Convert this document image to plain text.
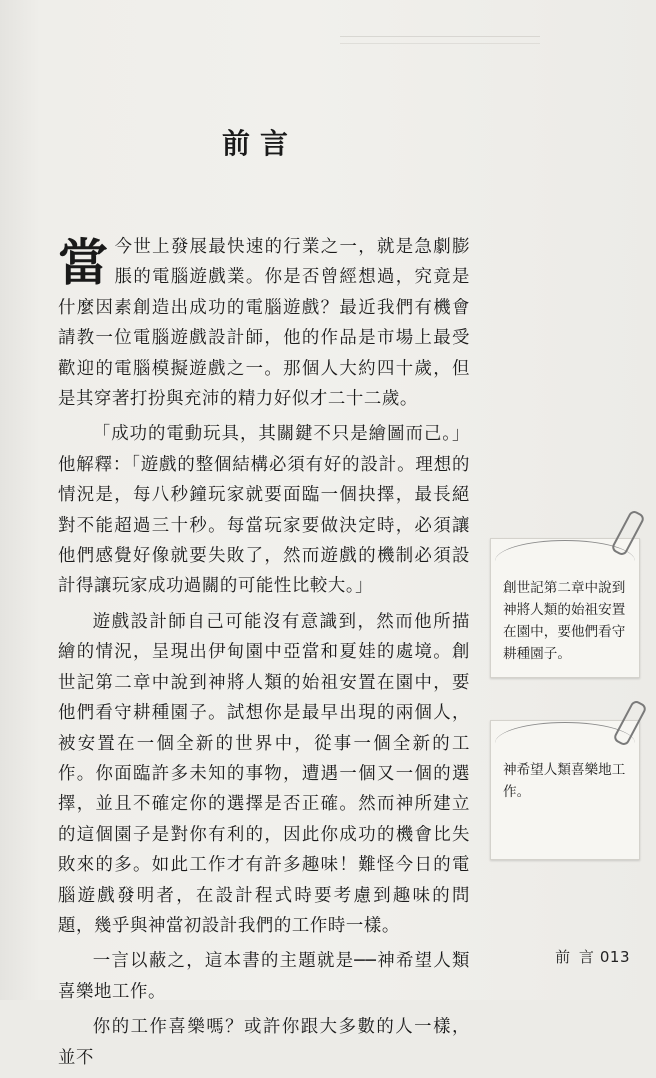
前言

當 今世上發展最快速的行業之一，就是急劇膨脹的電腦遊戲業。你是否曾經想過，究竟是什麼因素創造出成功的電腦遊戲？最近我們有機會請教一位電腦遊戲設計師，他的作品是市場上最受歡迎的電腦模擬遊戲之一。那個人大約四十歲，但是其穿著打扮與充沛的精力好似才二十二歲。

「成功的電動玩具，其關鍵不只是繪圖而己。」他解釋：「遊戲的整個結構必須有好的設計。理想的情況是，每八秒鐘玩家就要面臨一個抉擇，最長絕對不能超過三十秒。每當玩家要做決定時，必須讓他們感覺好像就要失敗了，然而遊戲的機制必須設計得讓玩家成功過關的可能性比較大。」

遊戲設計師自己可能沒有意識到，然而他所描繪的情況，呈現出伊甸園中亞當和夏娃的處境。創世記第二章中說到神將人類的始祖安置在園中，要他們看守耕種園子。試想你是最早出現的兩個人，被安置在一個全新的世界中，從事一個全新的工作。你面臨許多未知的事物，遭遇一個又一個的選擇，並且不確定你的選擇是否正確。然而神所建立的這個園子是對你有利的，因此你成功的機會比失敗來的多。如此工作才有許多趣味！難怪今日的電腦遊戲發明者，在設計程式時要考慮到趣味的問題，幾乎與神當初設計我們的工作時一樣。

一言以蔽之，這本書的主題就是──神希望人類喜樂地工作。

你的工作喜樂嗎？或許你跟大多數的人一樣，並不

創世記第二章中說到神將人類的始祖安置在園中，要他們看守耕種園子。
神希望人類喜樂地工作。
前 言 013
